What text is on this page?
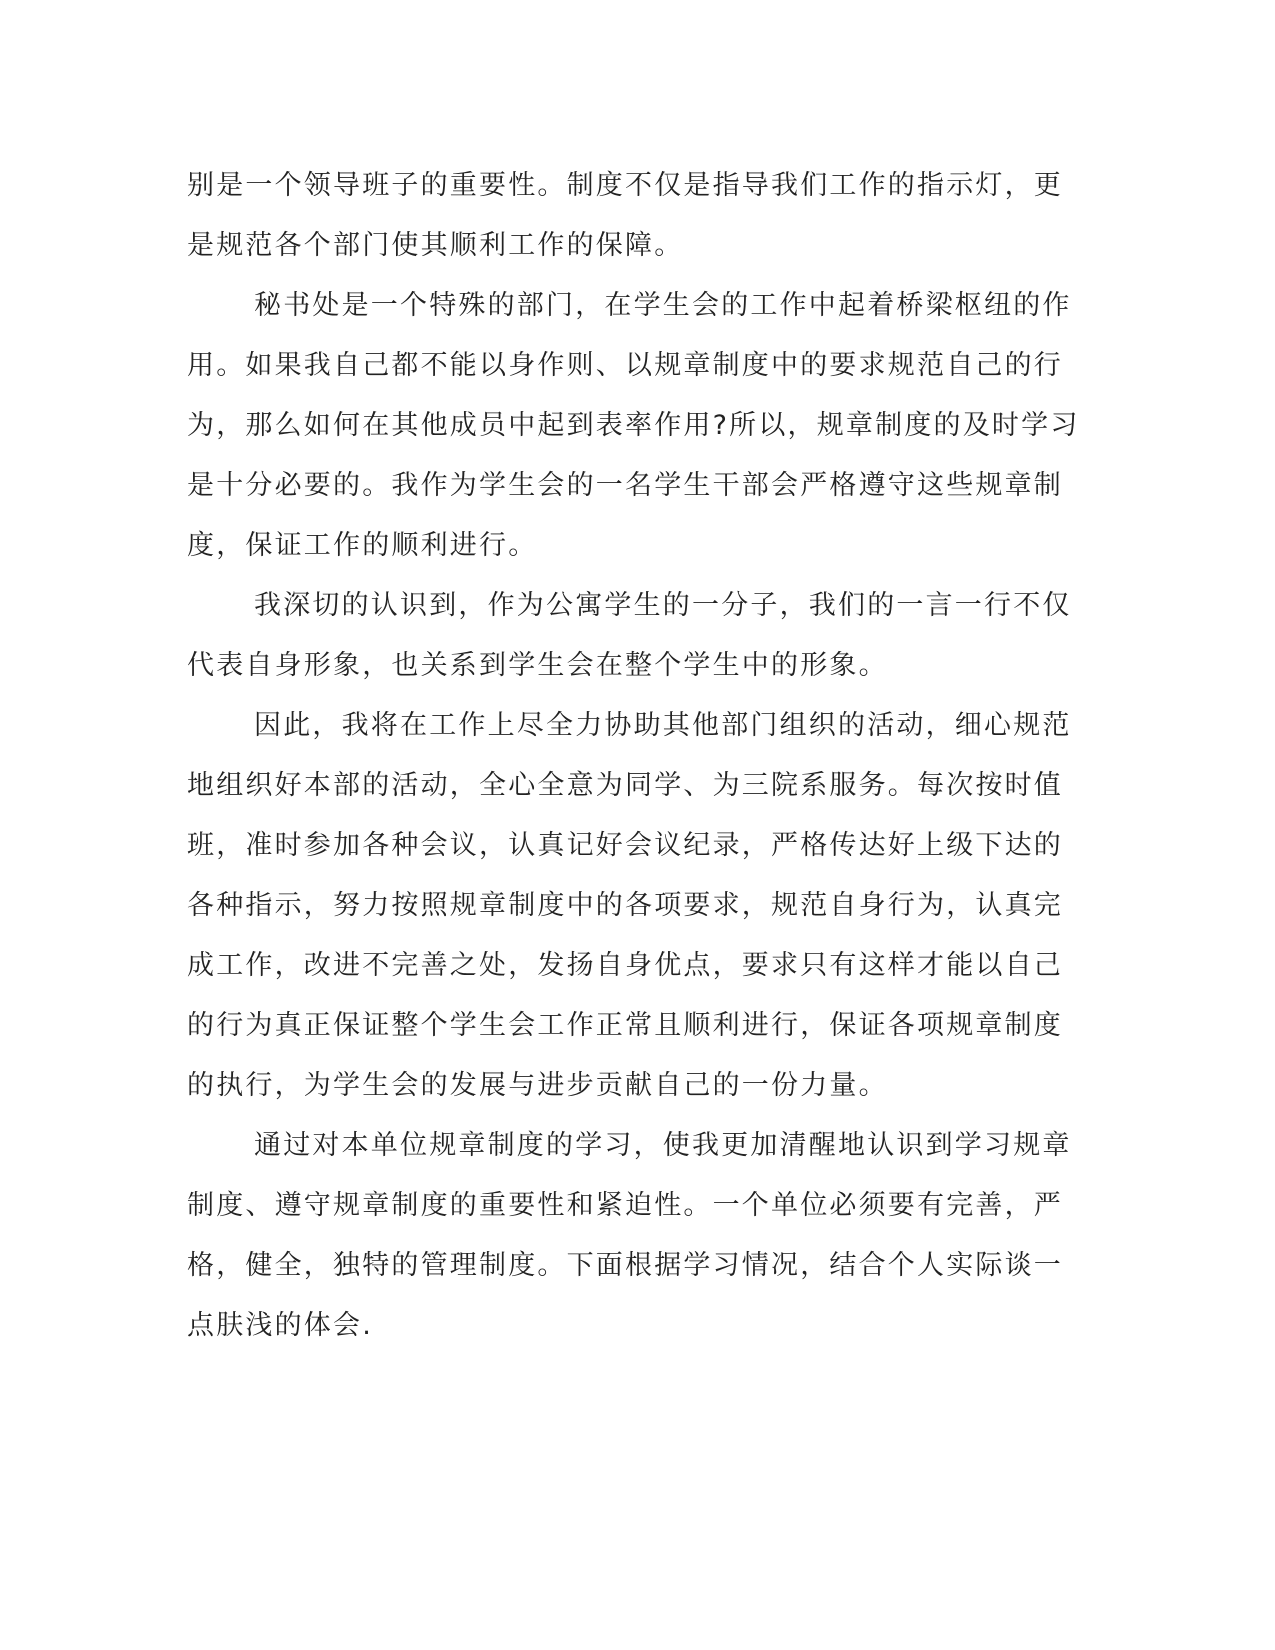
别是一个领导班子的重要性。制度不仅是指导我们工作的指示灯，更
是规范各个部门使其顺利工作的保障。
秘书处是一个特殊的部门，在学生会的工作中起着桥梁枢纽的作
用。如果我自己都不能以身作则、以规章制度中的要求规范自己的行
为，那么如何在其他成员中起到表率作用?所以，规章制度的及时学习
是十分必要的。我作为学生会的一名学生干部会严格遵守这些规章制
度，保证工作的顺利进行。
我深切的认识到，作为公寓学生的一分子，我们的一言一行不仅
代表自身形象，也关系到学生会在整个学生中的形象。
因此，我将在工作上尽全力协助其他部门组织的活动，细心规范
地组织好本部的活动，全心全意为同学、为三院系服务。每次按时值
班，准时参加各种会议，认真记好会议纪录，严格传达好上级下达的
各种指示，努力按照规章制度中的各项要求，规范自身行为，认真完
成工作，改进不完善之处，发扬自身优点，要求只有这样才能以自己
的行为真正保证整个学生会工作正常且顺利进行，保证各项规章制度
的执行，为学生会的发展与进步贡献自己的一份力量。
通过对本单位规章制度的学习，使我更加清醒地认识到学习规章
制度、遵守规章制度的重要性和紧迫性。一个单位必须要有完善，严
格，健全，独特的管理制度。下面根据学习情况，结合个人实际谈一
点肤浅的体会.
